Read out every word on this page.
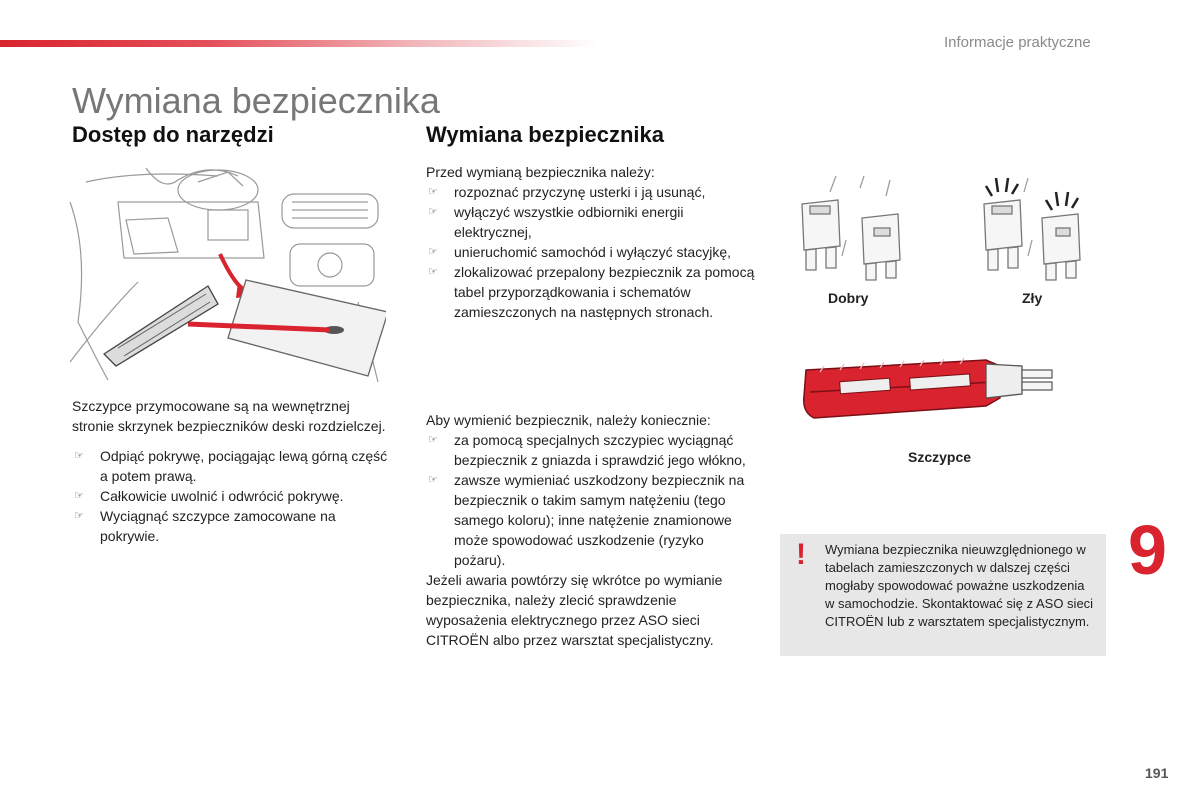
Informacje praktyczne
Wymiana bezpiecznika
Dostęp do narzędzi

Szczypce przymocowane są na wewnętrznej stronie skrzynek bezpieczników deski rozdzielczej.

☞ Odpiąć pokrywę, pociągając lewą górną część a potem prawą.
☞ Całkowicie uwolnić i odwrócić pokrywę.
☞ Wyciągnąć szczypce zamocowane na pokrywie.
Wymiana bezpiecznika

Przed wymianą bezpiecznika należy:

☞ rozpoznać przyczynę usterki i ją usunąć,
☞ wyłączyć wszystkie odbiorniki energii elektrycznej,
☞ unieruchomić samochód i wyłączyć stacyjkę,
☞ zlokalizować przepalony bezpiecznik za pomocą tabel przyporządkowania i schematów zamieszczonych na następnych stronach.

Aby wymienić bezpiecznik, należy koniecznie:

☞ za pomocą specjalnych szczypiec wyciągnąć bezpiecznik z gniazda i sprawdzić jego włókno,
☞ zawsze wymieniać uszkodzony bezpiecznik na bezpiecznik o takim samym natężeniu (tego samego koloru); inne natężenie znamionowe może spowodować uszkodzenie (ryzyko pożaru).

Jeżeli awaria powtórzy się wkrótce po wymianie bezpiecznika, należy zlecić sprawdzenie wyposażenia elektrycznego przez ASO sieci CITROËN albo przez warsztat specjalistyczny.

Dobry	Zły
Szczypce
! Wymiana bezpiecznika nieuwzględnionego w tabelach zamieszczonych w dalszej części mogłaby spowodować poważne uszkodzenia w samochodzie. Skontaktować się z ASO sieci CITROËN lub z warsztatem specjalistycznym.
9
191
